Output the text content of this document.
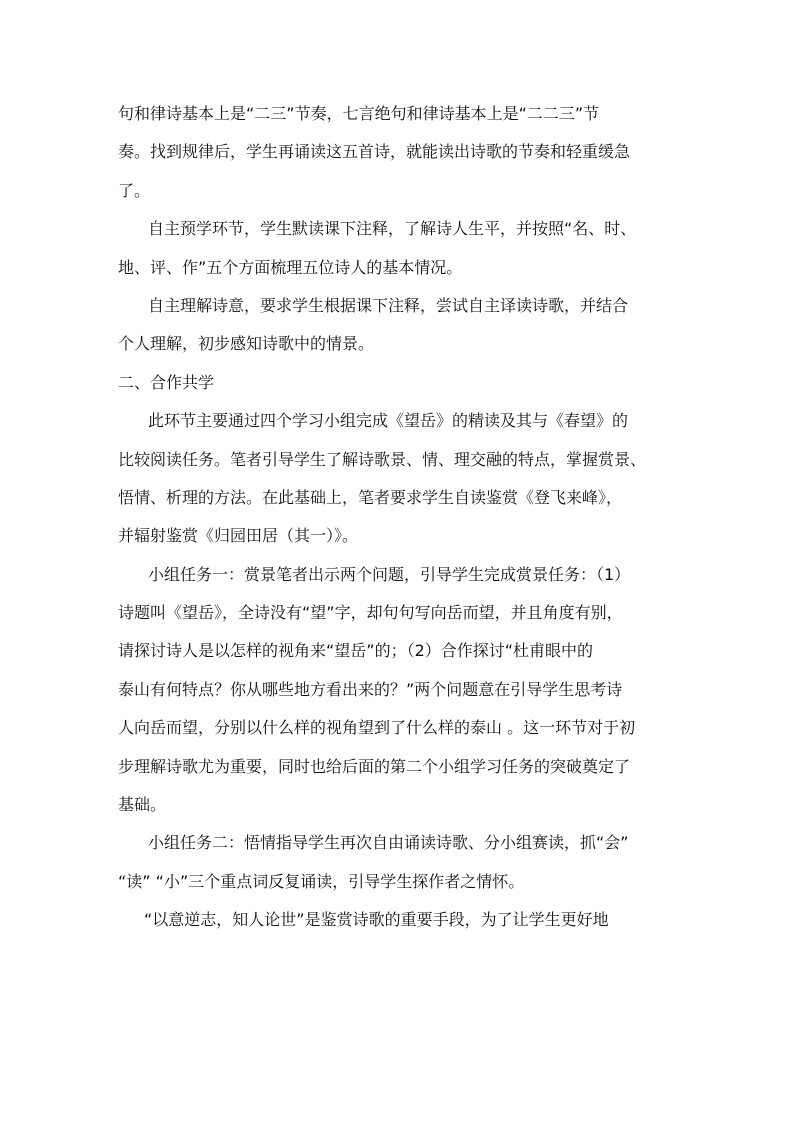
句和律诗基本上是“二三”节奏，七言绝句和律诗基本上是“二二三”节
奏。找到规律后，学生再诵读这五首诗，就能读出诗歌的节奏和轻重缓急
了。
自主预学环节，学生默读课下注释，了解诗人生平，并按照“名、时、
地、评、作”五个方面梳理五位诗人的基本情况。
自主理解诗意，要求学生根据课下注释，尝试自主译读诗歌，并结合
个人理解，初步感知诗歌中的情景。
二、合作共学
此环节主要通过四个学习小组完成《望岳》的精读及其与《春望》的
比较阅读任务。笔者引导学生了解诗歌景、情、理交融的特点，掌握赏景、
悟情、析理的方法。在此基础上，笔者要求学生自读鉴赏《登飞来峰》，
并辐射鉴赏《归园田居（其一）》。
小组任务一：赏景笔者出示两个问题，引导学生完成赏景任务：（1）
诗题叫《望岳》，全诗没有“望”字，却句句写向岳而望，并且角度有别，
请探讨诗人是以怎样的视角来“望岳”的；（2）合作探讨“杜甫眼中的
泰山有何特点？你从哪些地方看出来的？”两个问题意在引导学生思考诗
人向岳而望，分别以什么样的视角望到了什么样的泰山 。这一环节对于初
步理解诗歌尤为重要，同时也给后面的第二个小组学习任务的突破奠定了
基础。
小组任务二：悟情指导学生再次自由诵读诗歌、分小组赛读，抓“会”
“读” “小”三个重点词反复诵读，引导学生探作者之情怀。
“以意逆志，知人论世”是鉴赏诗歌的重要手段，为了让学生更好地
